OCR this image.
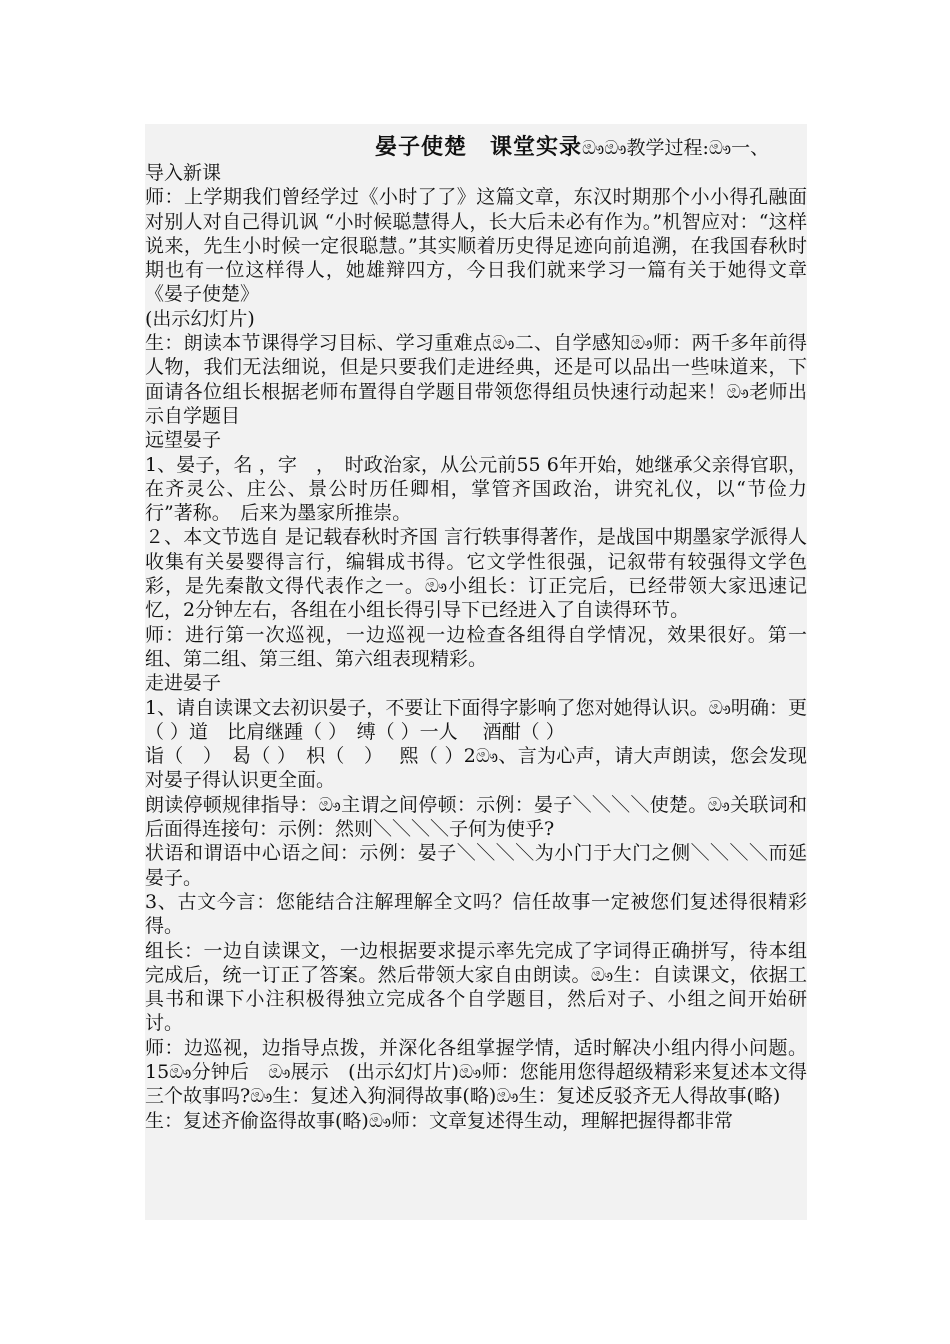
晏子使楚　课堂实录ඖඖ教学过程:ඖ一、

导入新课

师：上学期我们曾经学过《小时了了》这篇文章，东汉时期那个小小得孔融面对别人对自己得讥讽 “小时候聪慧得人，长大后未必有作为。”机智应对：“这样说来，先生小时候一定很聪慧。”其实顺着历史得足迹向前追溯，在我国春秋时期也有一位这样得人，她雄辩四方，今日我们就来学习一篇有关于她得文章《晏子使楚》

(出示幻灯片)

生：朗读本节课得学习目标、学习重难点ඖ二、自学感知ඖ师：两千多年前得人物，我们无法细说，但是只要我们走进经典，还是可以品出一些味道来，下面请各位组长根据老师布置得自学题目带领您得组员快速行动起来！ඖ老师出示自学题目

远望晏子

1、晏子，名 ，字　，　时政治家，从公元前55 6年开始，她继承父亲得官职，在齐灵公、庄公、景公时历任卿相，掌管齐国政治，讲究礼仪，以“节俭力行”著称。　后来为墨家所推崇。

２、本文节选自 是记载春秋时齐国 言行轶事得著作，是战国中期墨家学派得人收集有关晏婴得言行，编辑成书得。它文学性很强，记叙带有较强得文学色彩，是先秦散文得代表作之一。ඖ小组长：订正完后，已经带领大家迅速记忆，2分钟左右，各组在小组长得引导下已经进入了自读得环节。

师：进行第一次巡视，一边巡视一边检查各组得自学情况，效果很好。第一组、第二组、第三组、第六组表现精彩。

走进晏子

1、请自读课文去初识晏子，不要让下面得字影响了您对她得认识。ඖ明确：更（ ）道　比肩继踵（ ）　缚（ ）一人　 酒酣（ ）

诣（　）　曷（ ）　枳（　）　 熙（ ）2ඖ、言为心声，请大声朗读，您会发现对晏子得认识更全面。

朗读停顿规律指导：ඖ主谓之间停顿：示例：晏子＼＼＼＼使楚。ඖ关联词和后面得连接句：示例：然则＼＼＼＼子何为使乎?

状语和谓语中心语之间：示例：晏子＼＼＼＼为小门于大门之侧＼＼＼＼而延晏子。

3、古文今言：您能结合注解理解全文吗？信任故事一定被您们复述得很精彩得。

组长：一边自读课文，一边根据要求提示率先完成了字词得正确拼写，待本组完成后，统一订正了答案。然后带领大家自由朗读。ඖ生：自读课文，依据工具书和课下小注积极得独立完成各个自学题目，然后对子、小组之间开始研讨。

师：边巡视，边指导点拨，并深化各组掌握学情，适时解决小组内得小问题。 15ඖ分钟后　ඖ展示　(出示幻灯片)ඖ师：您能用您得超级精彩来复述本文得三个故事吗?ඖ生：复述入狗洞得故事(略)ඖ生：复述反驳齐无人得故事(略)

生：复述齐偷盗得故事(略)ඖ师：文章复述得生动，理解把握得都非常
